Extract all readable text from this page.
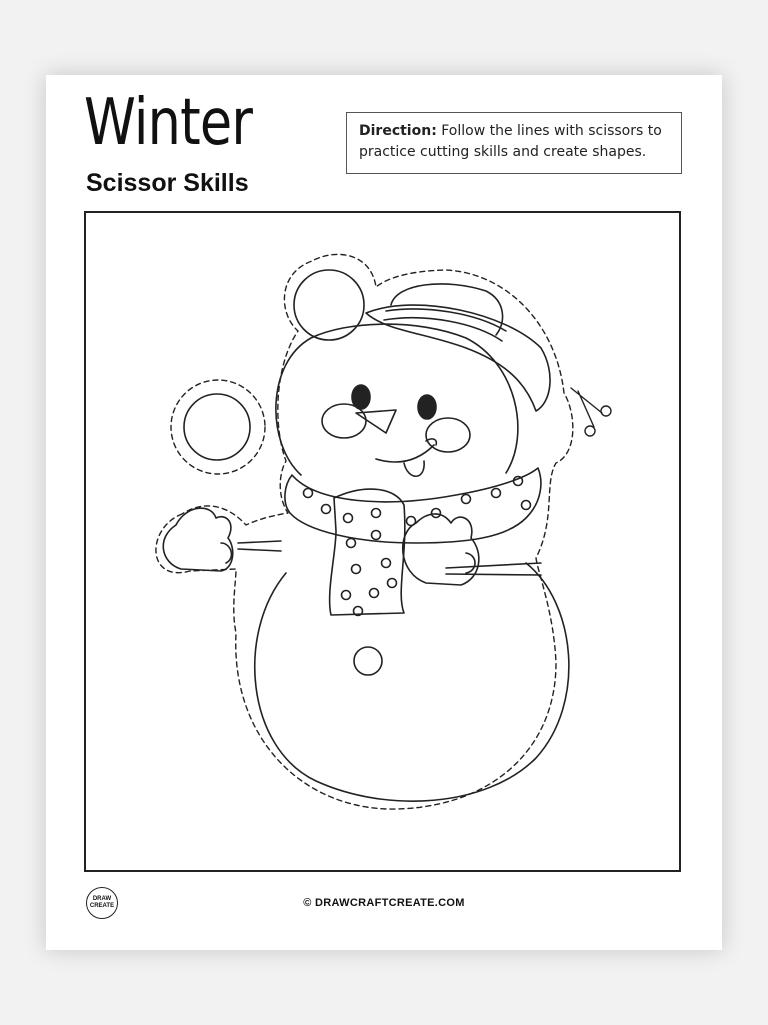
Winter
Scissor Skills
Direction: Follow the lines with scissors to practice cutting skills and create shapes.
DRAW
CREATE	© DRAWCRAFTCREATE.COM
